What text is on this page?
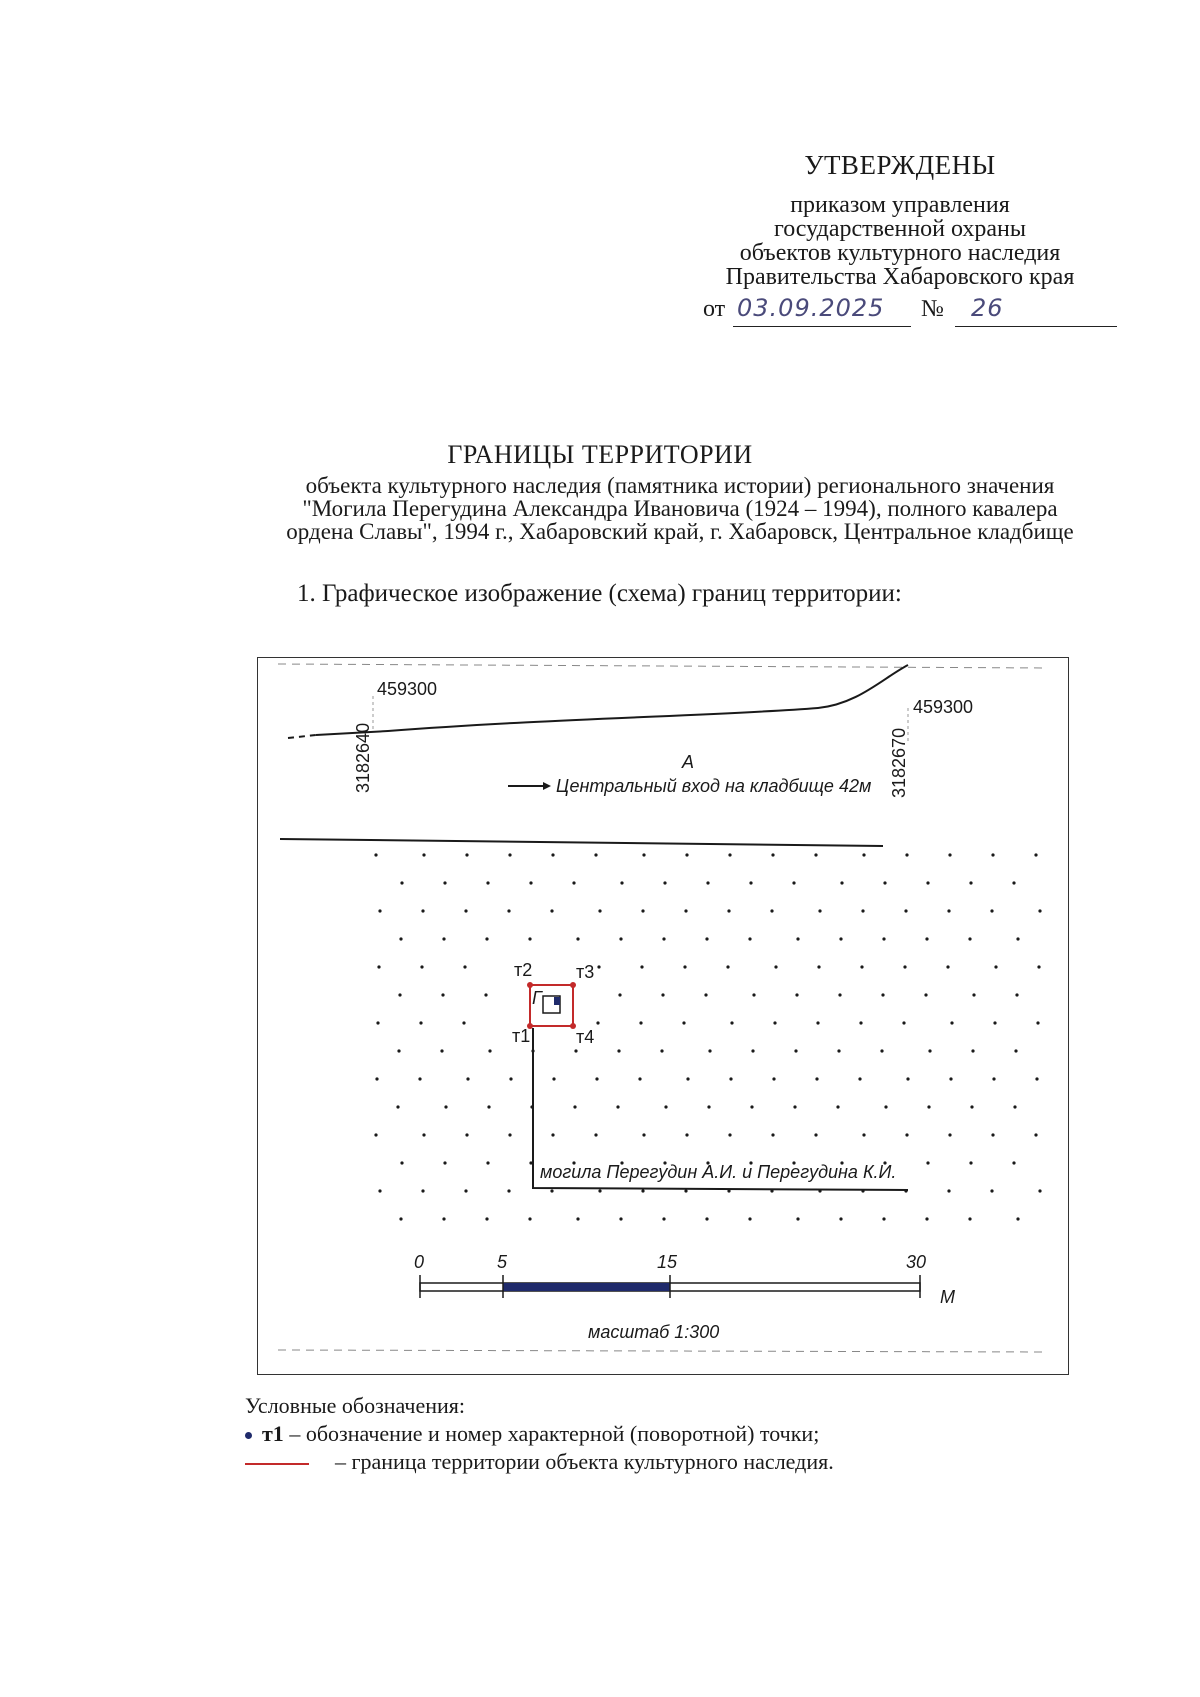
УТВЕРЖДЕНЫ
приказом управления
государственной охраны
объектов культурного наследия
Правительства Хабаровского края
от 03.09.2025 № 26
ГРАНИЦЫ ТЕРРИТОРИИ
объекта культурного наследия (памятника истории) регионального значения
"Могила Перегудина Александра Ивановича (1924 – 1994), полного кавалера
ордена Славы", 1994 г., Хабаровский край, г. Хабаровск, Центральное кладбище
1. Графическое изображение (схема) границ территории:
459300
459300
3182640	3182670
А
Центральный вход на кладбище 42м
Г
т1
т2 т3
т4
могила Перегудин А.И. и Перегудина К.И.
0	5	15	30
М
масштаб 1:300
Условные обозначения:
т1 – обозначение и номер характерной (поворотной) точки;
– граница территории объекта культурного наследия.
